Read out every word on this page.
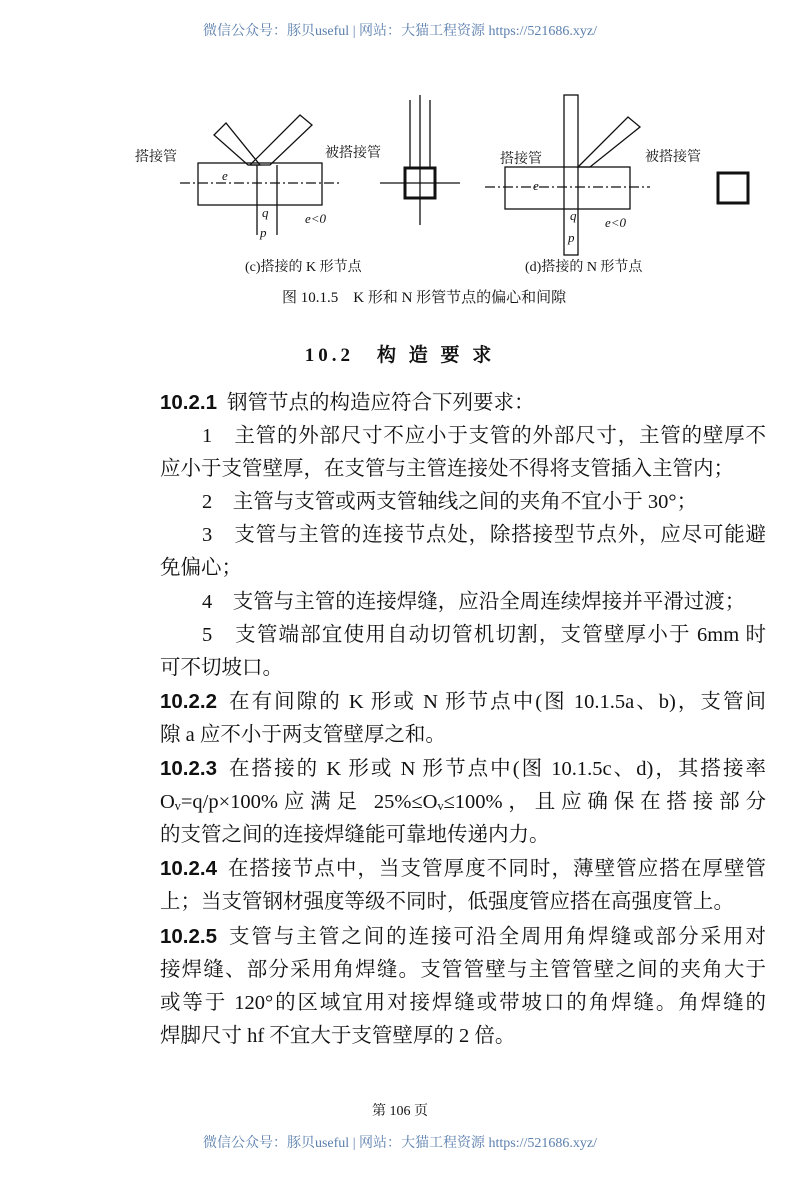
微信公众号：豚贝useful | 网站：大猫工程资源 https://521686.xyz/
搭接管	被搭接管
e
q
p
e<0
搭接管	被搭接管
e
q
p
e<0
(c)搭接的 K 形节点	(d)搭接的 N 形节点
图 10.1.5　K 形和 N 形管节点的偏心和间隙
10.2　构 造 要 求
10.2.1 钢管节点的构造应符合下列要求：
1　主管的外部尺寸不应小于支管的外部尺寸，主管的壁厚不
应小于支管壁厚，在支管与主管连接处不得将支管插入主管内；
2　主管与支管或两支管轴线之间的夹角不宜小于 30°；
3　支管与主管的连接节点处，除搭接型节点外，应尽可能避
免偏心；
4　支管与主管的连接焊缝，应沿全周连续焊接并平滑过渡；
5　支管端部宜使用自动切管机切割，支管壁厚小于 6mm 时
可不切坡口。
10.2.2 在有间隙的 K 形或 N 形节点中(图 10.1.5a、b)，支管间
隙 a 应不小于两支管壁厚之和。
10.2.3 在搭接的 K 形或 N 形节点中(图 10.1.5c、d)，其搭接率
Oᵥ=q/p×100%应满足 25%≤Oᵥ≤100%，且应确保在搭接部分
的支管之间的连接焊缝能可靠地传递内力。
10.2.4 在搭接节点中，当支管厚度不同时，薄壁管应搭在厚壁管
上；当支管钢材强度等级不同时，低强度管应搭在高强度管上。
10.2.5 支管与主管之间的连接可沿全周用角焊缝或部分采用对
接焊缝、部分采用角焊缝。支管管壁与主管管壁之间的夹角大于
或等于 120°的区域宜用对接焊缝或带坡口的角焊缝。角焊缝的
焊脚尺寸 hf 不宜大于支管壁厚的 2 倍。
第 106 页
微信公众号：豚贝useful | 网站：大猫工程资源 https://521686.xyz/
